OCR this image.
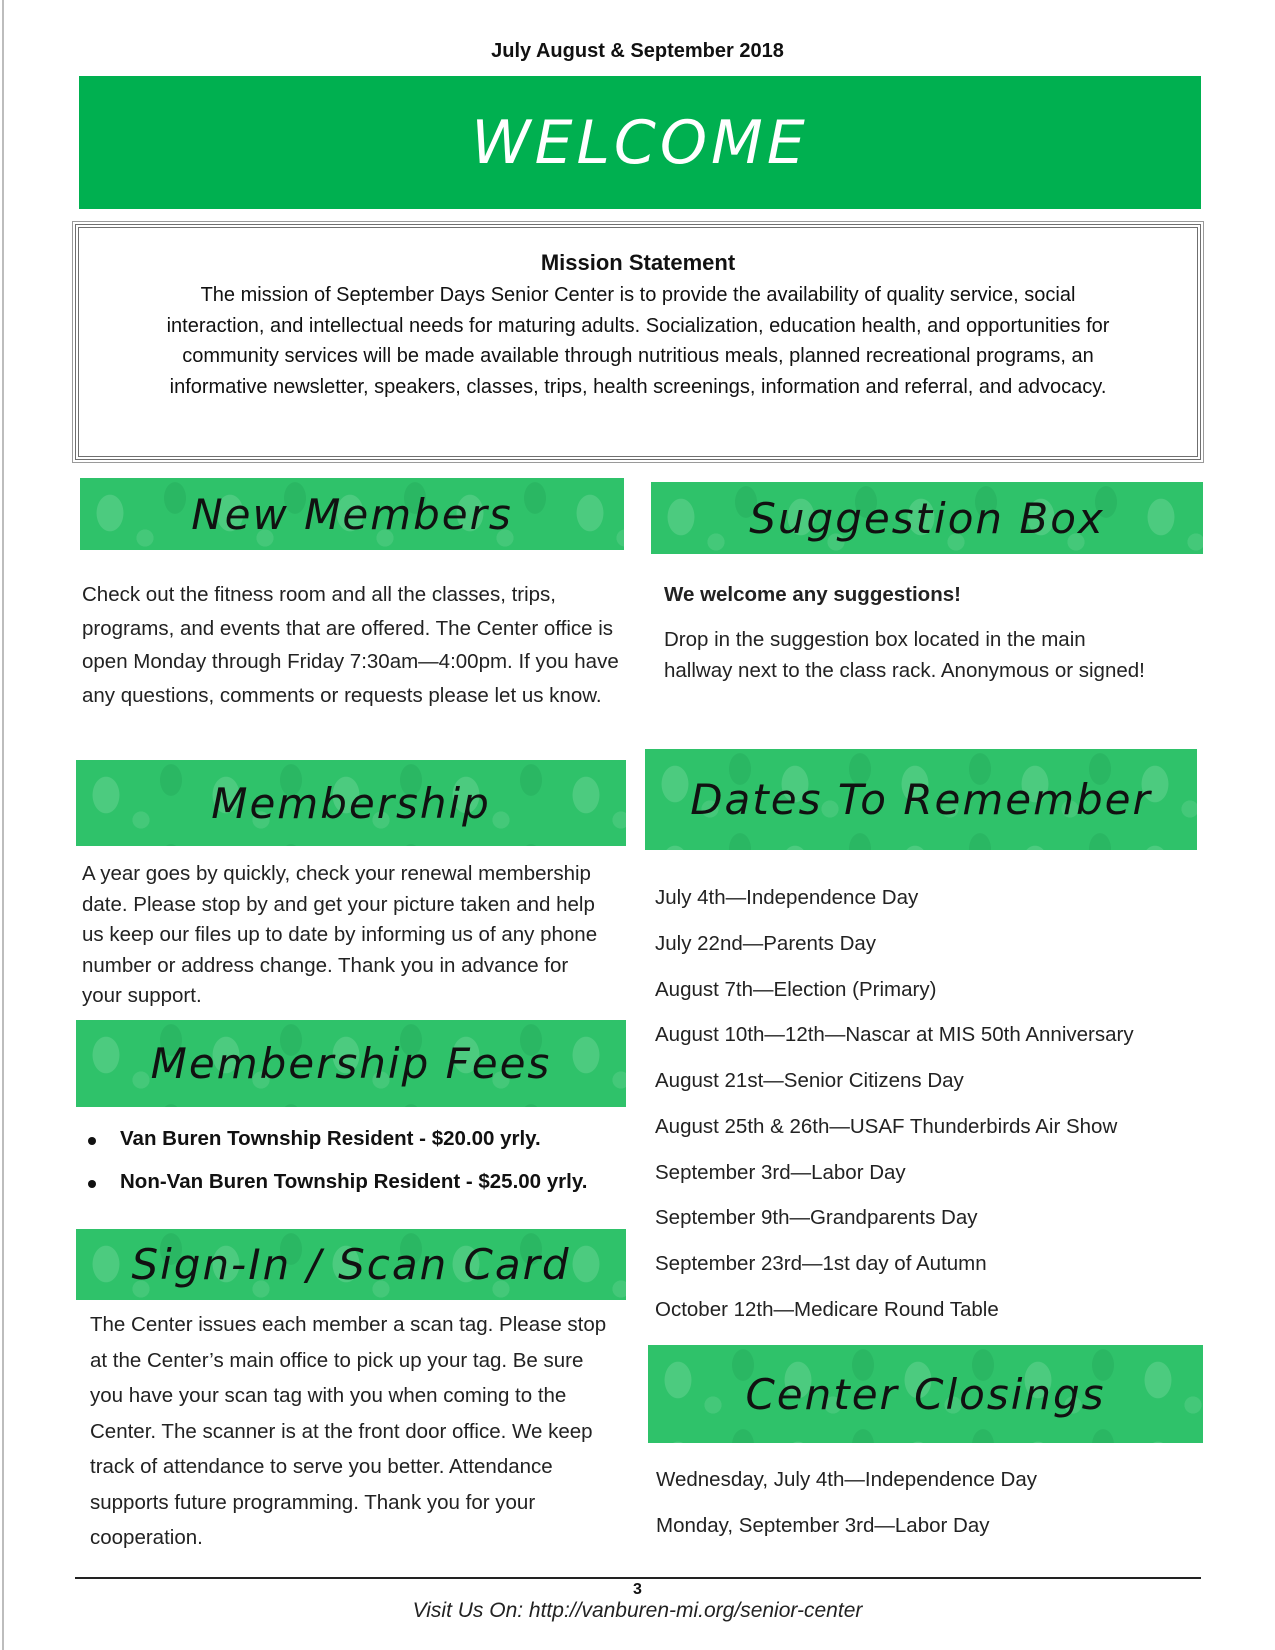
July August & September 2018
WELCOME
Mission Statement
The mission of September Days Senior Center is to provide the availability of quality service, social interaction, and intellectual needs for maturing adults. Socialization, education health, and opportunities for community services will be made available through nutritious meals, planned recreational programs, an informative newsletter, speakers, classes, trips, health screenings, information and referral, and advocacy.
New Members
Check out the fitness room and all the classes, trips, programs, and events that are offered. The Center office is open Monday through Friday 7:30am—4:00pm. If you have any questions, comments or requests please let us know.
Membership
A year goes by quickly, check your renewal membership date. Please stop by and get your picture taken and help us keep our files up to date by informing us of any phone number or address change. Thank you in advance for your support.
Membership Fees
Van Buren Township Resident - $20.00 yrly.
Non-Van Buren Township Resident - $25.00 yrly.
Sign-In / Scan Card
The Center issues each member a scan tag. Please stop at the Center’s main office to pick up your tag. Be sure you have your scan tag with you when coming to the Center. The scanner is at the front door office. We keep track of attendance to serve you better. Attendance supports future programming. Thank you for your cooperation.
Suggestion Box
We welcome any suggestions!
Drop in the suggestion box located in the main hallway next to the class rack. Anonymous or signed!
Dates To Remember
July 4th—Independence Day
July 22nd—Parents Day
August 7th—Election (Primary)
August 10th—12th—Nascar at MIS 50th Anniversary
August 21st—Senior Citizens Day
August 25th & 26th—USAF Thunderbirds Air Show
September 3rd—Labor Day
September 9th—Grandparents Day
September 23rd—1st day of Autumn
October 12th—Medicare Round Table
Center Closings
Wednesday, July 4th—Independence Day
Monday, September 3rd—Labor Day
3
Visit Us On: http://vanburen-mi.org/senior-center
